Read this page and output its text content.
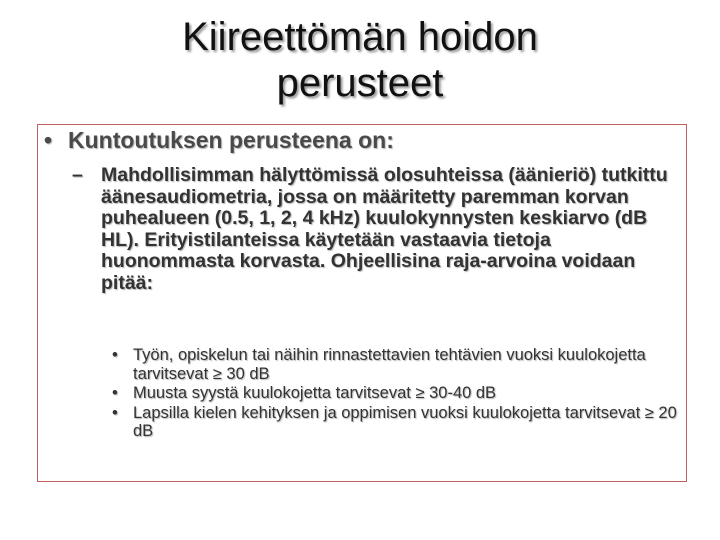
Kiireettömän hoidon
perusteet
• Kuntoutuksen perusteena on:
– Mahdollisimman hälyttömissä olosuhteissa (äänieriö) tutkittu äänesaudiometria, jossa on määritetty paremman korvan puhealueen (0.5, 1, 2, 4 kHz) kuulokynnysten keskiarvo (dB HL). Erityistilanteissa käytetään vastaavia tietoja huonommasta korvasta. Ohjeellisina raja-arvoina voidaan pitää:
• Työn, opiskelun tai näihin rinnastettavien tehtävien vuoksi kuulokojetta tarvitsevat ≥ 30 dB
• Muusta syystä kuulokojetta tarvitsevat ≥ 30-40 dB
• Lapsilla kielen kehityksen ja oppimisen vuoksi kuulokojetta tarvitsevat ≥ 20 dB
